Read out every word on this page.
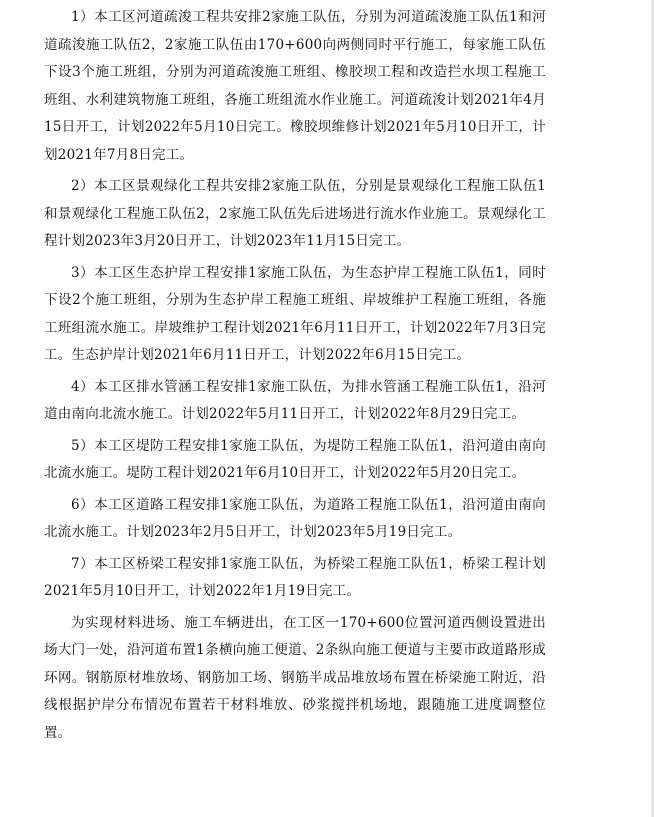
1）本工区河道疏浚工程共安排2家施工队伍，分别为河道疏浚施工队伍1和河道疏浚施工队伍2，2家施工队伍由170+600向两侧同时平行施工，每家施工队伍下设3个施工班组，分别为河道疏浚施工班组、橡胶坝工程和改造拦水坝工程施工班组、水利建筑物施工班组，各施工班组流水作业施工。河道疏浚计划2021年4月15日开工，计划2022年5月10日完工。橡胶坝维修计划2021年5月10日开工，计划2021年7月8日完工。

2）本工区景观绿化工程共安排2家施工队伍，分别是景观绿化工程施工队伍1和景观绿化工程施工队伍2，2家施工队伍先后进场进行流水作业施工。景观绿化工程计划2023年3月20日开工，计划2023年11月15日完工。

3）本工区生态护岸工程安排1家施工队伍，为生态护岸工程施工队伍1，同时下设2个施工班组，分别为生态护岸工程施工班组、岸坡维护工程施工班组，各施工班组流水施工。岸坡维护工程计划2021年6月11日开工，计划2022年7月3日完工。生态护岸计划2021年6月11日开工，计划2022年6月15日完工。

4）本工区排水管涵工程安排1家施工队伍，为排水管涵工程施工队伍1，沿河道由南向北流水施工。计划2022年5月11日开工，计划2022年8月29日完工。

5）本工区堤防工程安排1家施工队伍，为堤防工程施工队伍1，沿河道由南向北流水施工。堤防工程计划2021年6月10日开工，计划2022年5月20日完工。

6）本工区道路工程安排1家施工队伍，为道路工程施工队伍1，沿河道由南向北流水施工。计划2023年2月5日开工，计划2023年5月19日完工。

7）本工区桥梁工程安排1家施工队伍，为桥梁工程施工队伍1，桥梁工程计划2021年5月10日开工，计划2022年1月19日完工。

为实现材料进场、施工车辆进出，在工区一170+600位置河道西侧设置进出场大门一处，沿河道布置1条横向施工便道、2条纵向施工便道与主要市政道路形成环网。钢筋原材堆放场、钢筋加工场、钢筋半成品堆放场布置在桥梁施工附近，沿线根据护岸分布情况布置若干材料堆放、砂浆搅拌机场地，跟随施工进度调整位置。
